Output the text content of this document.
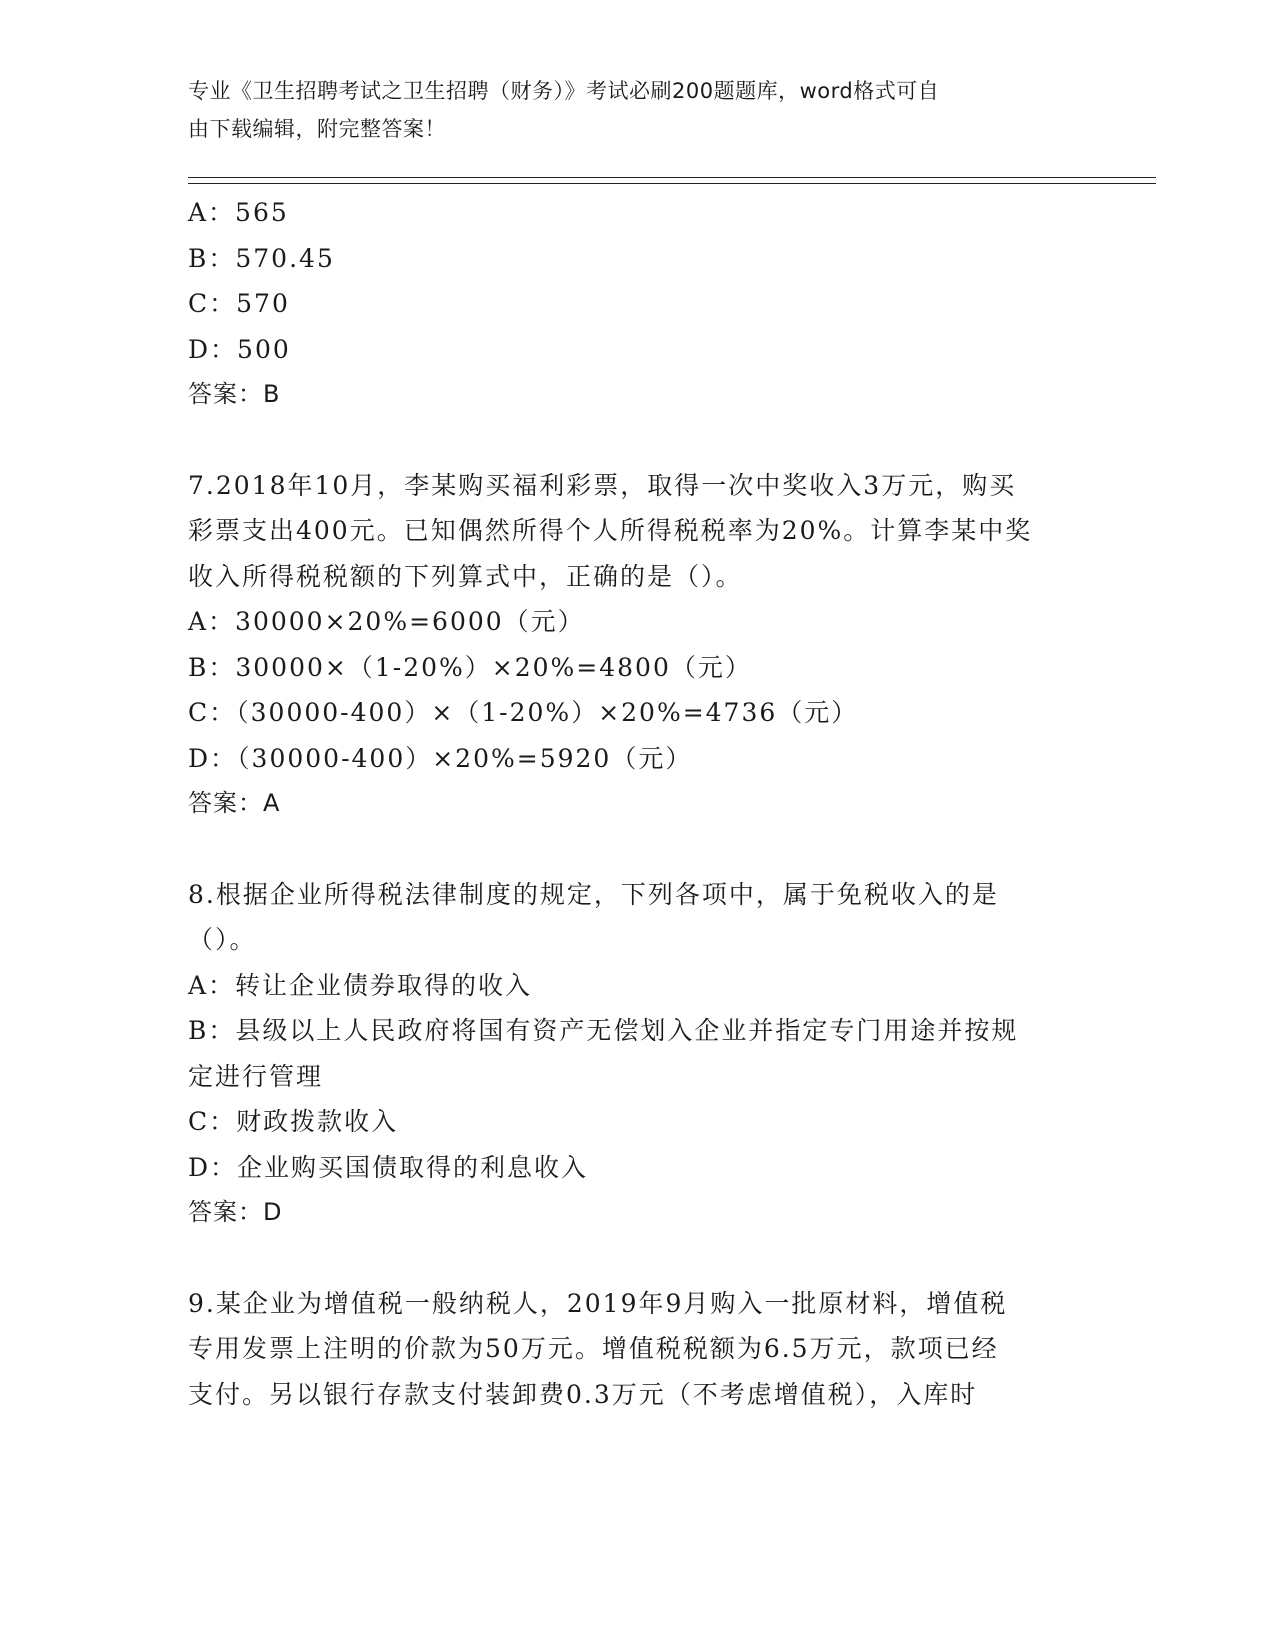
专业《卫生招聘考试之卫生招聘（财务）》考试必刷200题题库，word格式可自
由下载编辑，附完整答案！
A：565
B：570.45
C：570
D：500
答案：B
7.2018年10月，李某购买福利彩票，取得一次中奖收入3万元，购买
彩票支出400元。已知偶然所得个人所得税税率为20%。计算李某中奖
收入所得税税额的下列算式中，正确的是（）。
A：30000×20%=6000（元）
B：30000×（1-20%）×20%=4800（元）
C：（30000-400）×（1-20%）×20%=4736（元）
D：（30000-400）×20%=5920（元）
答案：A
8.根据企业所得税法律制度的规定，下列各项中，属于免税收入的是
（）。
A：转让企业债券取得的收入
B：县级以上人民政府将国有资产无偿划入企业并指定专门用途并按规
定进行管理
C：财政拨款收入
D：企业购买国债取得的利息收入
答案：D
9.某企业为增值税一般纳税人，2019年9月购入一批原材料，增值税
专用发票上注明的价款为50万元。增值税税额为6.5万元，款项已经
支付。另以银行存款支付装卸费0.3万元（不考虑增值税），入库时
